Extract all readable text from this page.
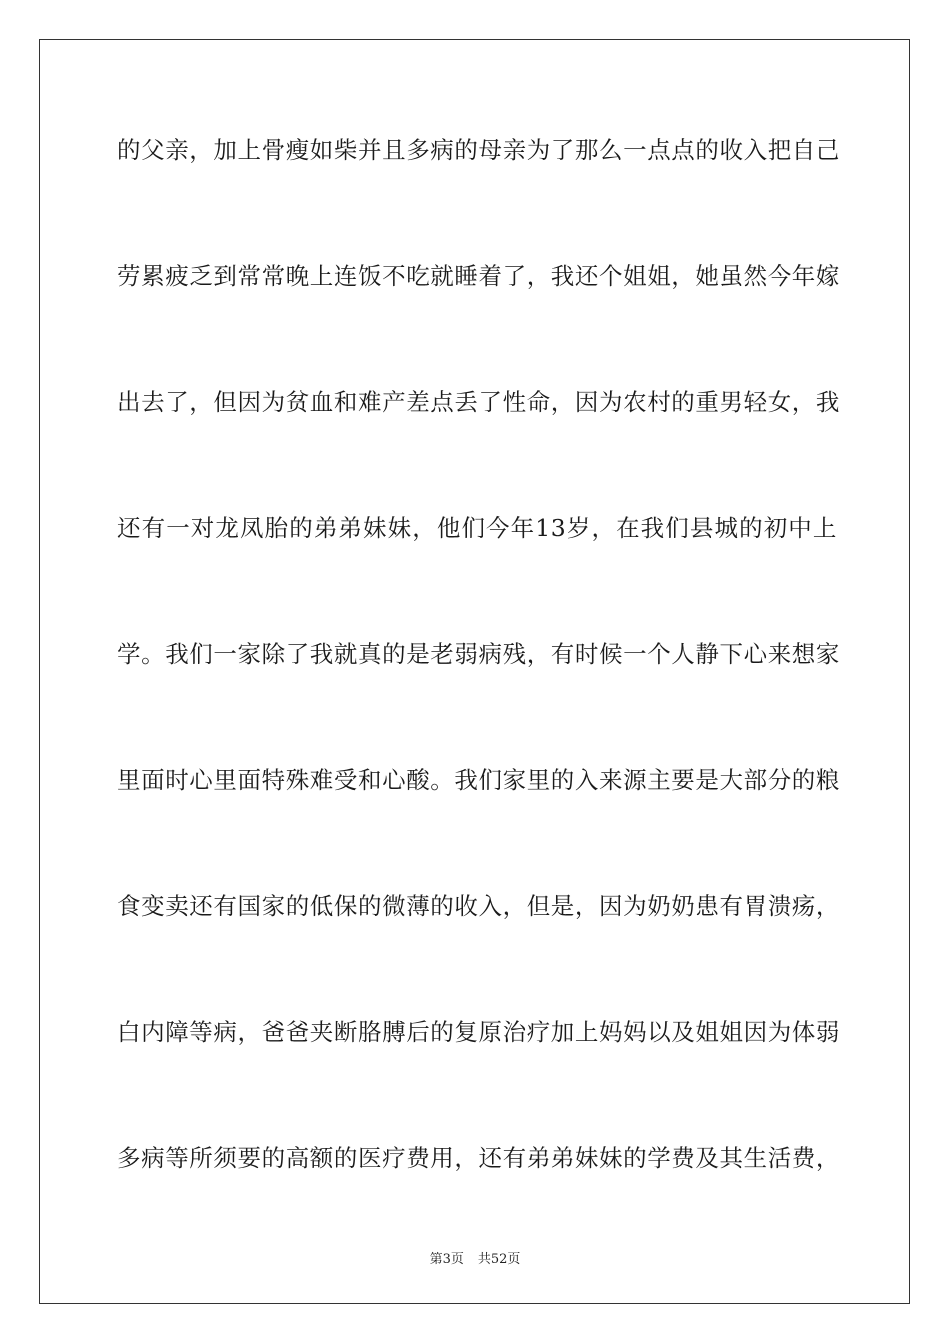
的父亲，加上骨瘦如柴并且多病的母亲为了那么一点点的收入把自己
劳累疲乏到常常晚上连饭不吃就睡着了，我还个姐姐，她虽然今年嫁
出去了，但因为贫血和难产差点丢了性命，因为农村的重男轻女，我
还有一对龙凤胎的弟弟妹妹，他们今年13岁，在我们县城的初中上
学。我们一家除了我就真的是老弱病残，有时候一个人静下心来想家
里面时心里面特殊难受和心酸。我们家里的入来源主要是大部分的粮
食变卖还有国家的低保的微薄的收入，但是，因为奶奶患有胃溃疡，
白内障等病，爸爸夹断胳膊后的复原治疗加上妈妈以及姐姐因为体弱
多病等所须要的高额的医疗费用，还有弟弟妹妹的学费及其生活费，
第3页 共52页
